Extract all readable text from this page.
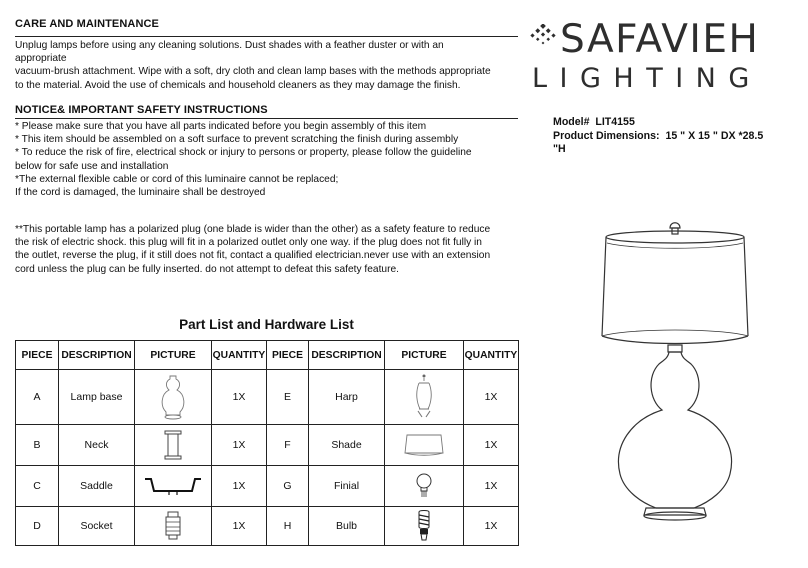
CARE AND MAINTENANCE
Unplug lamps before using any cleaning solutions. Dust shades with a feather duster or with an
appropriate
vacuum-brush attachment. Wipe with a soft, dry cloth and clean lamp bases with the methods appropriate
to the material. Avoid the use of chemicals and household cleaners as they may damage the finish.
NOTICE& IMPORTANT SAFETY INSTRUCTIONS
* Please make sure that you have all parts indicated before you begin assembly of this item
* This item should be assembled on a soft surface to prevent scratching the finish during assembly
* To reduce the risk of fire, electrical shock or injury to persons or property, please follow the guideline
below for safe use and installation
*The external flexible cable or cord of this luminaire cannot be replaced;
If the cord is damaged, the luminaire shall be destroyed
**This portable lamp has a polarized plug (one blade is wider than the other) as a safety feature to reduce
the risk of electric shock. this plug will fit in a polarized outlet only one way. if the plug does not fit fully in
the outlet, reverse the plug, if it still does not fit, contact a qualified electrician.never use with an extension
cord unless the plug can be fully inserted. do not attempt to defeat this safety feature.
Part List and Hardware List
PIECE	DESCRIPTION	PICTURE	QUANTITY	PIECE	DESCRIPTION	PICTURE	QUANTITY
A	Lamp base		1X	E	Harp		1X
B	Neck		1X	F	Shade		1X
C	Saddle		1X	G	Finial		1X
D	Socket		1X	H	Bulb		1X
SAFAVIEH
LIGHTING
Model# LIT4155
Product Dimensions: 15 " X 15 " DX *28.5
"H
